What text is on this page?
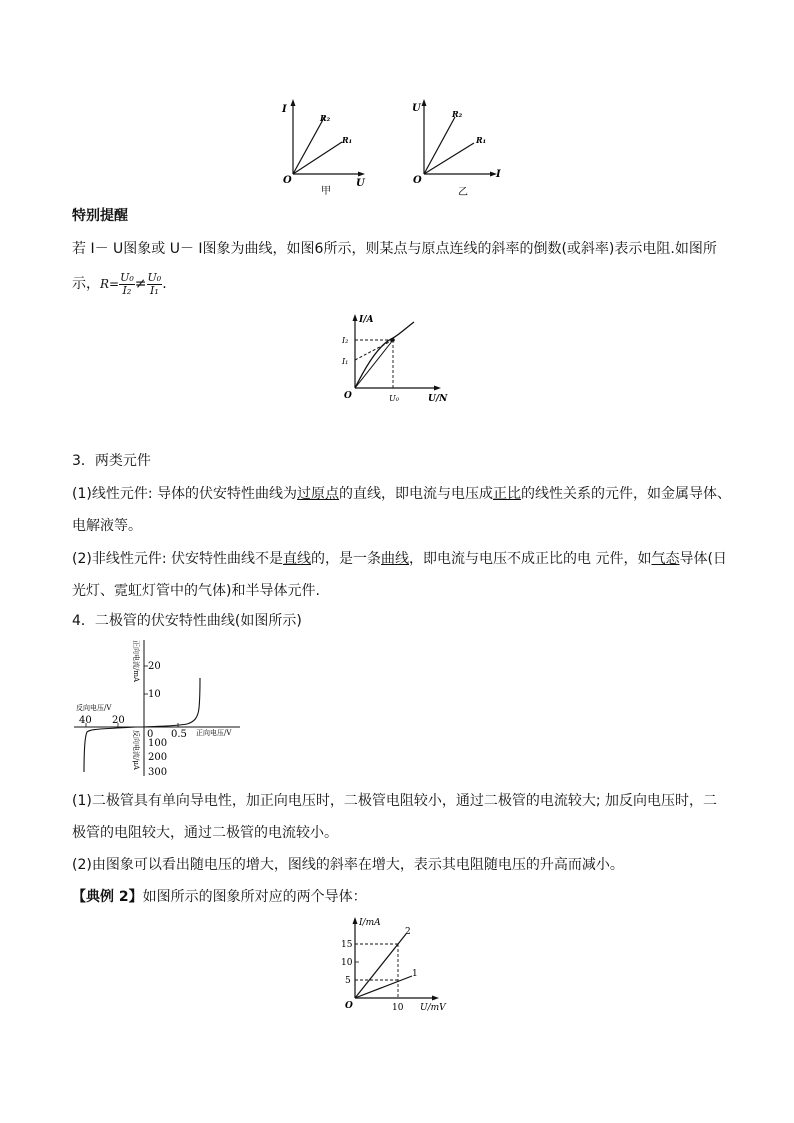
I
U
O
R₂
R₁
甲
U
I
O
R₂
R₁
乙
特别提醒
若 I－ U图象或 U－ I图象为曲线，如图6所示，则某点与原点连线的斜率的倒数(或斜率)表示电阻.如图所
示，$R= \frac{\text{U₀}}{\text{I₂}} \ne \frac{\text{U₀}}{\text{I₁}}$ .
I/A
U/N
O
I₂
I₁
U₀
3．两类元件
(1)线性元件: 导体的伏安特性曲线为过原点的直线，即电流与电压成正比的线性关系的元件，如金属导体、
电解液等。
(2)非线性元件: 伏安特性曲线不是直线的，是一条曲线，即电流与电压不成正比的电 元件，如气态导体(日
光灯、霓虹灯管中的气体)和半导体元件.
4．二极管的伏安特性曲线(如图所示)
正向电流/mA
反向电流/μA	正向电压/V
反向电压/V
20
10
0 0.5
40 20
100
200
300
(1)二极管具有单向导电性，加正向电压时，二极管电阻较小，通过二极管的电流较大; 加反向电压时，二
极管的电阻较大，通过二极管的电流较小。
(2)由图象可以看出随电压的增大，图线的斜率在增大，表示其电阻随电压的升高而减小。
【典例 2】如图所示的图象所对应的两个导体：
I/mA
U/mV
O
15
10
5
10
2
1
